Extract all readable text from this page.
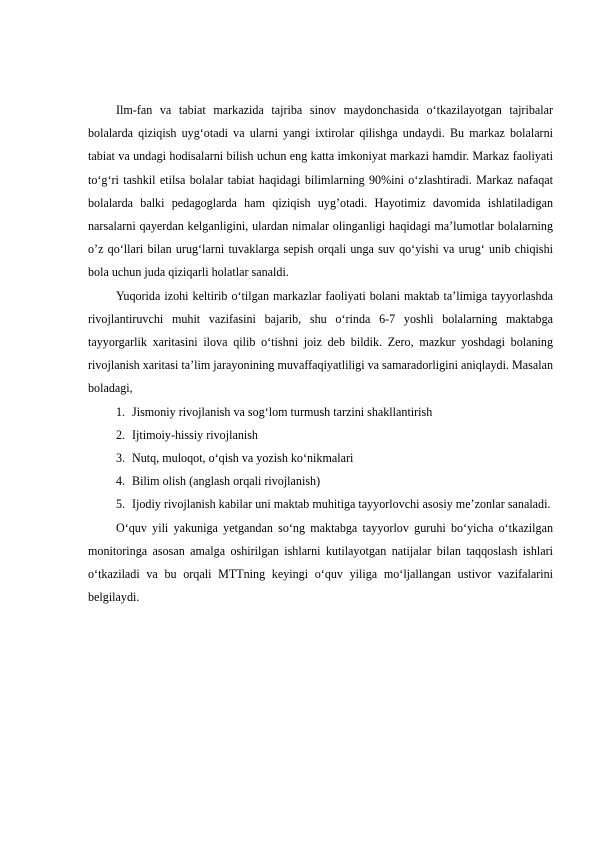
Ilm-fan va tabiat markazida tajriba sinov maydonchasida o‘tkazilayotgan tajribalar bolalarda qiziqish uyg‘otadi va ularni yangi ixtirolar qilishga undaydi. Bu markaz bolalarni tabiat va undagi hodisalarni bilish uchun eng katta imkoniyat markazi hamdir. Markaz faoliyati to‘g‘ri tashkil etilsa bolalar tabiat haqidagi bilimlarning 90%ini o‘zlashtiradi. Markaz nafaqat bolalarda balki pedagoglarda ham qiziqish uyg’otadi. Hayotimiz davomida ishlatiladigan narsalarni qayerdan kelganligini, ulardan nimalar olinganligi haqidagi ma’lumotlar bolalarning o’z qo‘llari bilan urug‘larni tuvaklarga sepish orqali unga suv qo‘yishi va urug‘ unib chiqishi bola uchun juda qiziqarli holatlar sanaldi.

Yuqorida izohi keltirib o‘tilgan markazlar faoliyati bolani maktab ta’limiga tayyorlashda rivojlantiruvchi muhit vazifasini bajarib, shu o‘rinda 6-7 yoshli bolalarning maktabga tayyorgarlik xaritasini ilova qilib o‘tishni joiz deb bildik. Zero, mazkur yoshdagi bolaning rivojlanish xaritasi ta’lim jarayonining muvaffaqiyatliligi va samaradorligini aniqlaydi. Masalan boladagi,

1. Jismoniy rivojlanish va sog‘lom turmush tarzini shakllantirish
2. Ijtimoiy-hissiy rivojlanish
3. Nutq, muloqot, o‘qish va yozish ko‘nikmalari
4. Bilim olish (anglash orqali rivojlanish)
5. Ijodiy rivojlanish kabilar uni maktab muhitiga tayyorlovchi asosiy me’zonlar sanaladi.

O‘quv yili yakuniga yetgandan so‘ng maktabga tayyorlov guruhi bo‘yicha o‘tkazilgan monitoringa asosan amalga oshirilgan ishlarni kutilayotgan natijalar bilan taqqoslash ishlari o‘tkaziladi va bu orqali MTTning keyingi o‘quv yiliga mo‘ljallangan ustivor vazifalarini belgilaydi.
